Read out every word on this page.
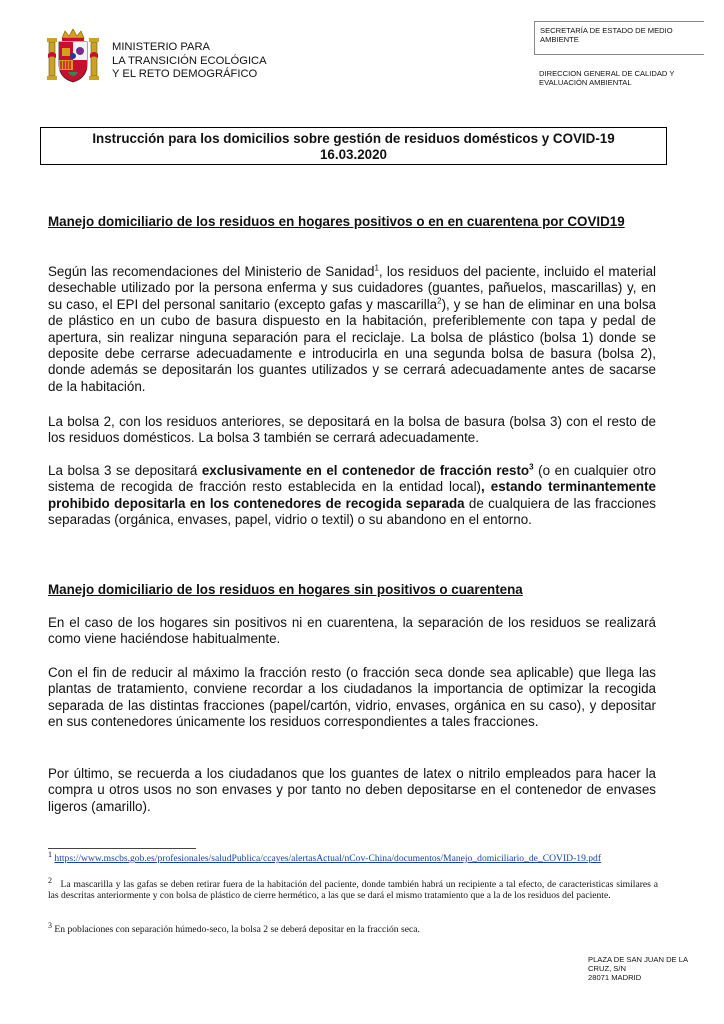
MINISTERIO PARA
LA TRANSICIÓN ECOLÓGICA
Y EL RETO DEMOGRÁFICO
SECRETARÍA DE ESTADO DE MEDIO AMBIENTE
DIRECCION GENERAL DE CALIDAD Y EVALUACIÓN AMBIENTAL
Instrucción para los domicilios sobre gestión de residuos domésticos y COVID-19
16.03.2020
Manejo domiciliario de los residuos en hogares positivos o en en cuarentena por COVID19
Según las recomendaciones del Ministerio de Sanidad$^1$, los residuos del paciente, incluido el material desechable utilizado por la persona enferma y sus cuidadores (guantes, pañuelos, mascarillas) y, en su caso, el EPI del personal sanitario (excepto gafas y mascarilla$^2$), y se han de eliminar en una bolsa de plástico en un cubo de basura dispuesto en la habitación, preferiblemente con tapa y pedal de apertura, sin realizar ninguna separación para el reciclaje. La bolsa de plástico (bolsa 1) donde se deposite debe cerrarse adecuadamente e introducirla en una segunda bolsa de basura (bolsa 2), donde además se depositarán los guantes utilizados y se cerrará adecuadamente antes de sacarse de la habitación.
La bolsa 2, con los residuos anteriores, se depositará en la bolsa de basura (bolsa 3) con el resto de los residuos domésticos. La bolsa 3 también se cerrará adecuadamente.
La bolsa 3 se depositará exclusivamente en el contenedor de fracción resto$^3$ (o en cualquier otro sistema de recogida de fracción resto establecida en la entidad local), estando terminantemente prohibido depositarla en los contenedores de recogida separada de cualquiera de las fracciones separadas (orgánica, envases, papel, vidrio o textil) o su abandono en el entorno.
Manejo domiciliario de los residuos en hogares sin positivos o cuarentena
En el caso de los hogares sin positivos ni en cuarentena, la separación de los residuos se realizará como viene haciéndose habitualmente.
Con el fin de reducir al máximo la fracción resto (o fracción seca donde sea aplicable) que llega las plantas de tratamiento, conviene recordar a los ciudadanos la importancia de optimizar la recogida separada de las distintas fracciones (papel/cartón, vidrio, envases, orgánica en su caso), y depositar en sus contenedores únicamente los residuos correspondientes a tales fracciones.
Por último, se recuerda a los ciudadanos que los guantes de latex o nitrilo empleados para hacer la compra u otros usos no son envases y por tanto no deben depositarse en el contenedor de envases ligeros (amarillo).
$^1$ https://www.mscbs.gob.es/profesionales/saludPublica/ccayes/alertasActual/nCov-China/documentos/Manejo_domiciliario_de_COVID-19.pdf
$^2$ La mascarilla y las gafas se deben retirar fuera de la habitación del paciente, donde también habrá un recipiente a tal efecto, de caracteristicas similares a las descritas anteriormente y con bolsa de plástico de cierre hermético, a las que se dará el mismo tratamiento que a la de los residuos del paciente.
$^3$ En poblaciones con separación húmedo-seco, la bolsa 2 se deberá depositar en la fracción seca.
PLAZA DE SAN JUAN DE LA CRUZ, S/N
28071 MADRID
